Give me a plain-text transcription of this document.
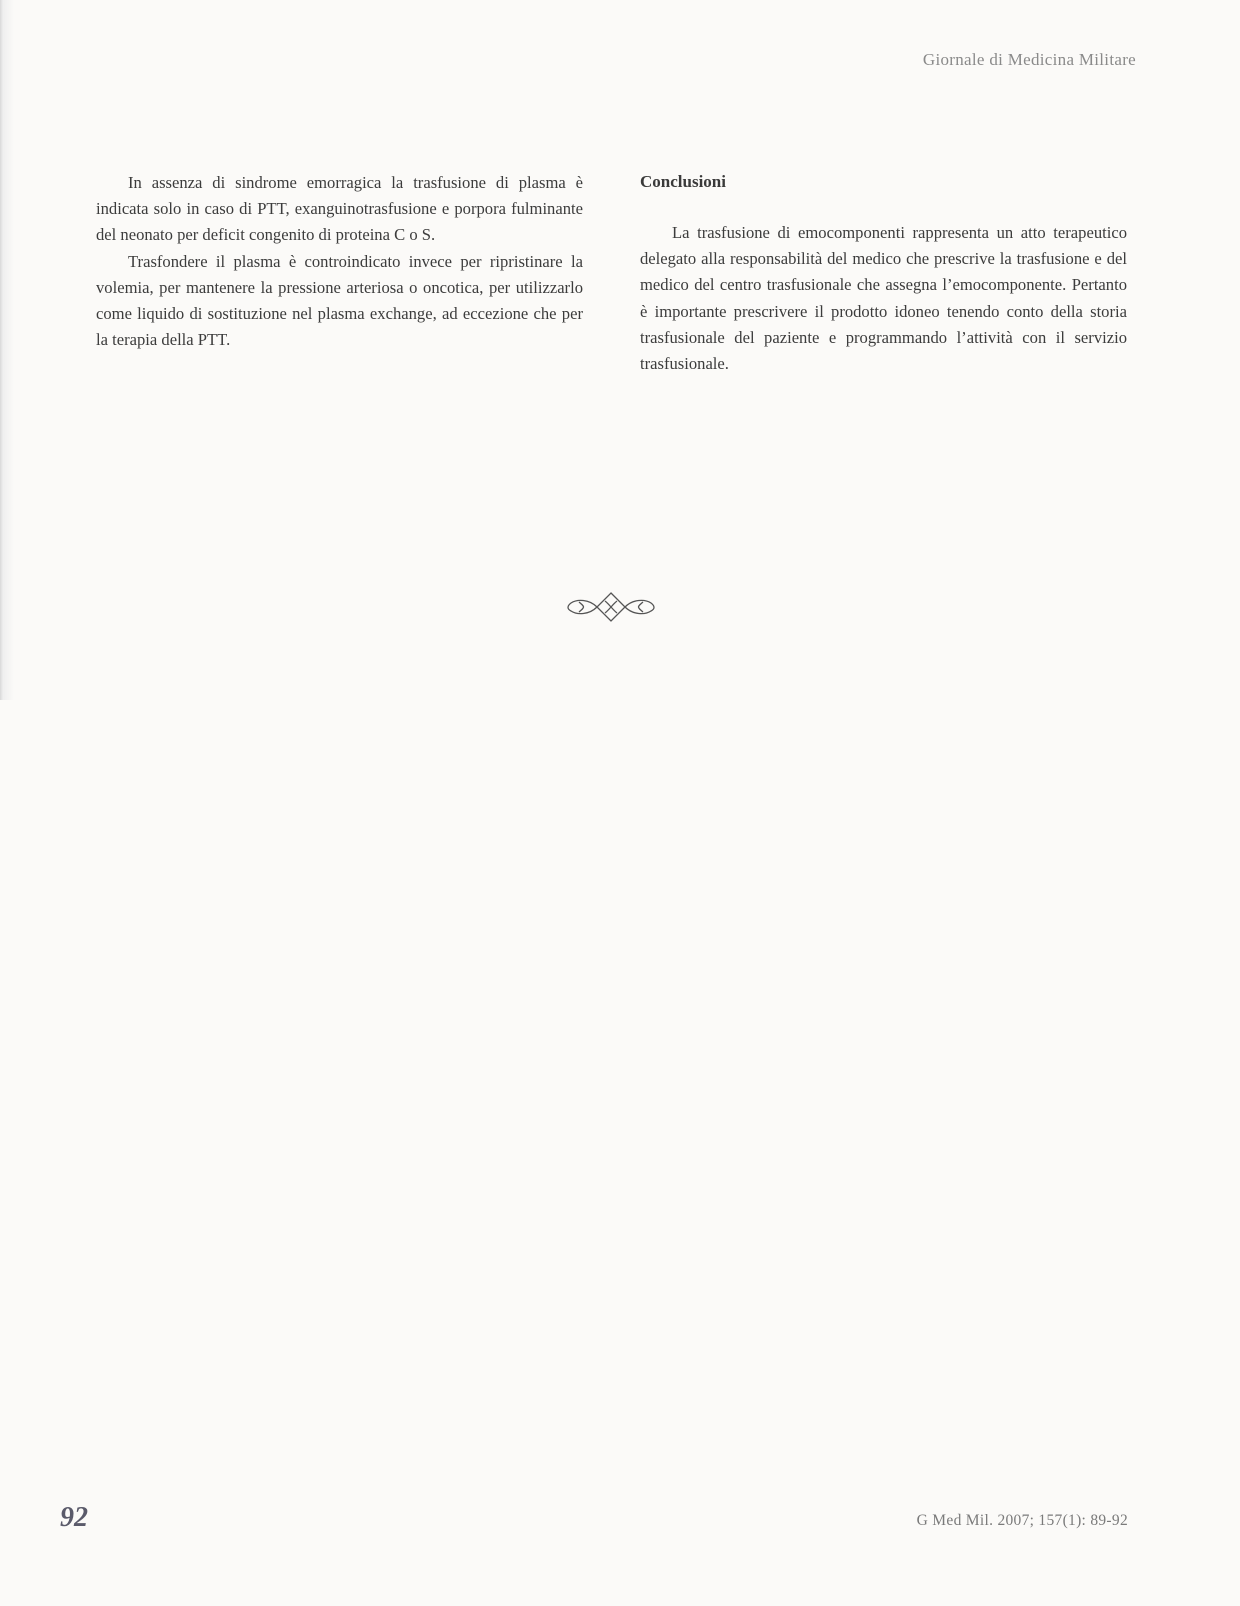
Giornale di Medicina Militare

In assenza di sindrome emorragica la trasfusione di plasma è indicata solo in caso di PTT, exanguinotrasfusione e porpora fulminante del neonato per deficit congenito di proteina C o S.

Trasfondere il plasma è controindicato invece per ripristinare la volemia, per mantenere la pressione arteriosa o oncotica, per utilizzarlo come liquido di sostituzione nel plasma exchange, ad eccezione che per la terapia della PTT.

Conclusioni

La trasfusione di emocomponenti rappresenta un atto terapeutico delegato alla responsabilità del medico che prescrive la trasfusione e del medico del centro trasfusionale che assegna l’emocomponente. Pertanto è importante prescrivere il prodotto idoneo tenendo conto della storia trasfusionale del paziente e programmando l’attività con il servizio trasfusionale.

92	G Med Mil. 2007; 157(1): 89-92
